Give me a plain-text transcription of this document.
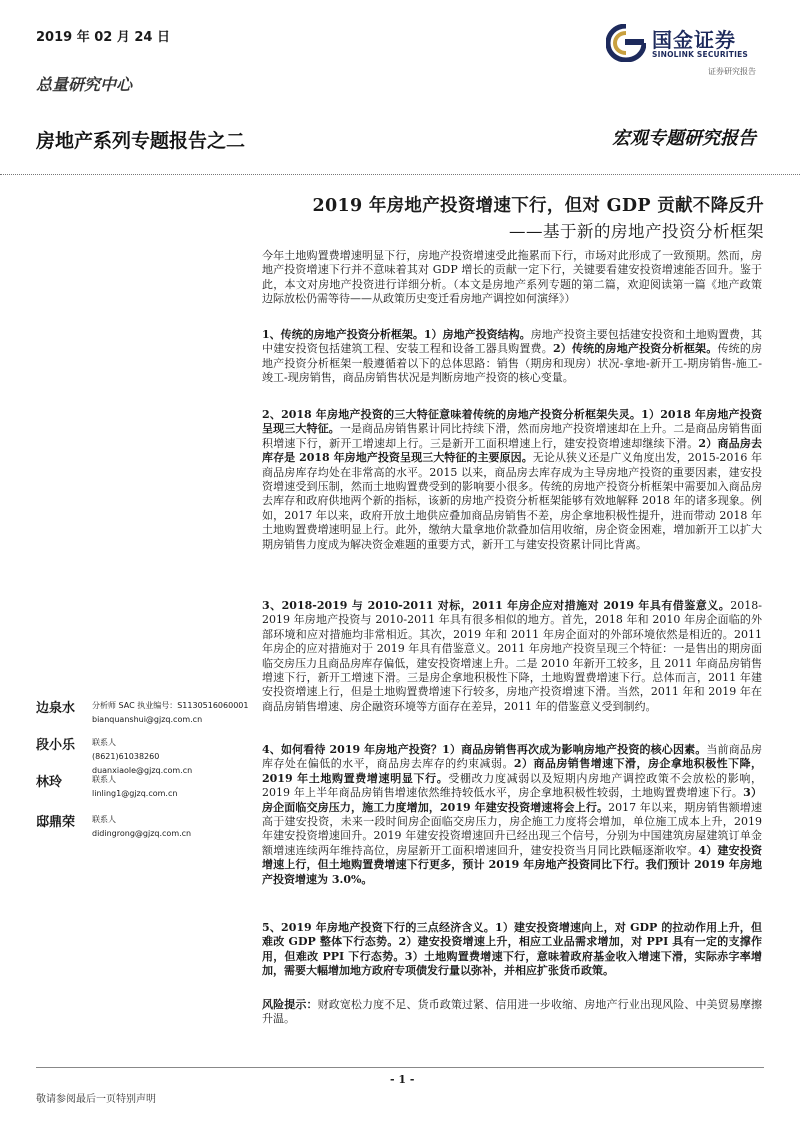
2019 年 02 月 24 日
总量研究中心
房地产系列专题报告之二	宏观专题研究报告
国金证券
SINOLINK SECURITIES
证券研究报告
2019 年房地产投资增速下行，但对 GDP 贡献不降反升
——基于新的房地产投资分析框架

今年土地购置费增速明显下行，房地产投资增速受此拖累而下行，市场对此形成了一致预期。然而，房地产投资增速下行并不意味着其对 GDP 增长的贡献一定下行，关键要看建安投资增速能否回升。鉴于此，本文对房地产投资进行详细分析。（本文是房地产系列专题的第二篇，欢迎阅读第一篇《地产政策边际放松仍需等待——从政策历史变迁看房地产调控如何演绎》）

1、传统的房地产投资分析框架。1）房地产投资结构。房地产投资主要包括建安投资和土地购置费，其中建安投资包括建筑工程、安装工程和设备工器具购置费。2）传统的房地产投资分析框架。传统的房地产投资分析框架一般遵循着以下的总体思路：销售（期房和现房）状况-拿地-新开工-期房销售-施工-竣工-现房销售，商品房销售状况是判断房地产投资的核心变量。

2、2018 年房地产投资的三大特征意味着传统的房地产投资分析框架失灵。1）2018 年房地产投资呈现三大特征。一是商品房销售累计同比持续下滑，然而房地产投资增速却在上升。二是商品房销售面积增速下行，新开工增速却上行。三是新开工面积增速上行，建安投资增速却继续下滑。2）商品房去库存是 2018 年房地产投资呈现三大特征的主要原因。无论从狭义还是广义角度出发，2015-2016 年商品房库存均处在非常高的水平。2015 以来，商品房去库存成为主导房地产投资的重要因素，建安投资增速受到压制，然而土地购置费受到的影响要小很多。传统的房地产投资分析框架中需要加入商品房去库存和政府供地两个新的指标，该新的房地产投资分析框架能够有效地解释 2018 年的诸多现象。例如，2017 年以来，政府开放土地供应叠加商品房销售不差，房企拿地积极性提升，进而带动 2018 年土地购置费增速明显上行。此外，缴纳大量拿地价款叠加信用收缩，房企资金困难，增加新开工以扩大期房销售力度成为解决资金难题的重要方式，新开工与建安投资累计同比背离。

3、2018-2019 与 2010-2011 对标，2011 年房企应对措施对 2019 年具有借鉴意义。2018-2019 年房地产投资与 2010-2011 年具有很多相似的地方。首先，2018 年和 2010 年房企面临的外部环境和应对措施均非常相近。其次，2019 年和 2011 年房企面对的外部环境依然是相近的。2011 年房企的应对措施对于 2019 年具有借鉴意义。2011 年房地产投资呈现三个特征：一是售出的期房面临交房压力且商品房库存偏低，建安投资增速上升。二是 2010 年新开工较多，且 2011 年商品房销售增速下行，新开工增速下滑。三是房企拿地积极性下降，土地购置费增速下行。总体而言，2011 年建安投资增速上行，但是土地购置费增速下行较多，房地产投资增速下滑。当然，2011 年和 2019 年在商品房销售增速、房企融资环境等方面存在差异，2011 年的借鉴意义受到制约。

4、如何看待 2019 年房地产投资？1）商品房销售再次成为影响房地产投资的核心因素。当前商品房库存处在偏低的水平，商品房去库存的约束减弱。2）商品房销售增速下滑，房企拿地积极性下降，2019 年土地购置费增速明显下行。受棚改力度减弱以及短期内房地产调控政策不会放松的影响，2019 年上半年商品房销售增速依然维持较低水平，房企拿地积极性较弱，土地购置费增速下行。3）房企面临交房压力，施工力度增加，2019 年建安投资增速将会上行。2017 年以来，期房销售额增速高于建安投资，未来一段时间房企面临交房压力，房企施工力度将会增加，单位施工成本上升，2019 年建安投资增速回升。2019 年建安投资增速回升已经出现三个信号，分别为中国建筑房屋建筑订单金额增速连续两年维持高位，房屋新开工面积增速回升，建安投资当月同比跌幅逐渐收窄。4）建安投资增速上行，但土地购置费增速下行更多，预计 2019 年房地产投资同比下行。我们预计 2019 年房地产投资增速为 3.0%。

5、2019 年房地产投资下行的三点经济含义。1）建安投资增速向上，对 GDP 的拉动作用上升，但难改 GDP 整体下行态势。2）建安投资增速上升，相应工业品需求增加，对 PPI 具有一定的支撑作用，但难改 PPI 下行态势。3）土地购置费增速下行，意味着政府基金收入增速下滑，实际赤字率增加，需要大幅增加地方政府专项债发行量以弥补，并相应扩张货币政策。

风险提示：财政宽松力度不足、货币政策过紧、信用进一步收缩、房地产行业出现风险、中美贸易摩擦升温。

边泉水 分析师 SAC 执业编号：S1130516060001
bianquanshui@gjzq.com.cn
段小乐 联系人
(8621)61038260
duanxiaole@gjzq.com.cn
林玲	联系人
linling1@gjzq.com.cn
邸鼎荣 联系人
didingrong@gjzq.com.cn
- 1 -
敬请参阅最后一页特别声明
